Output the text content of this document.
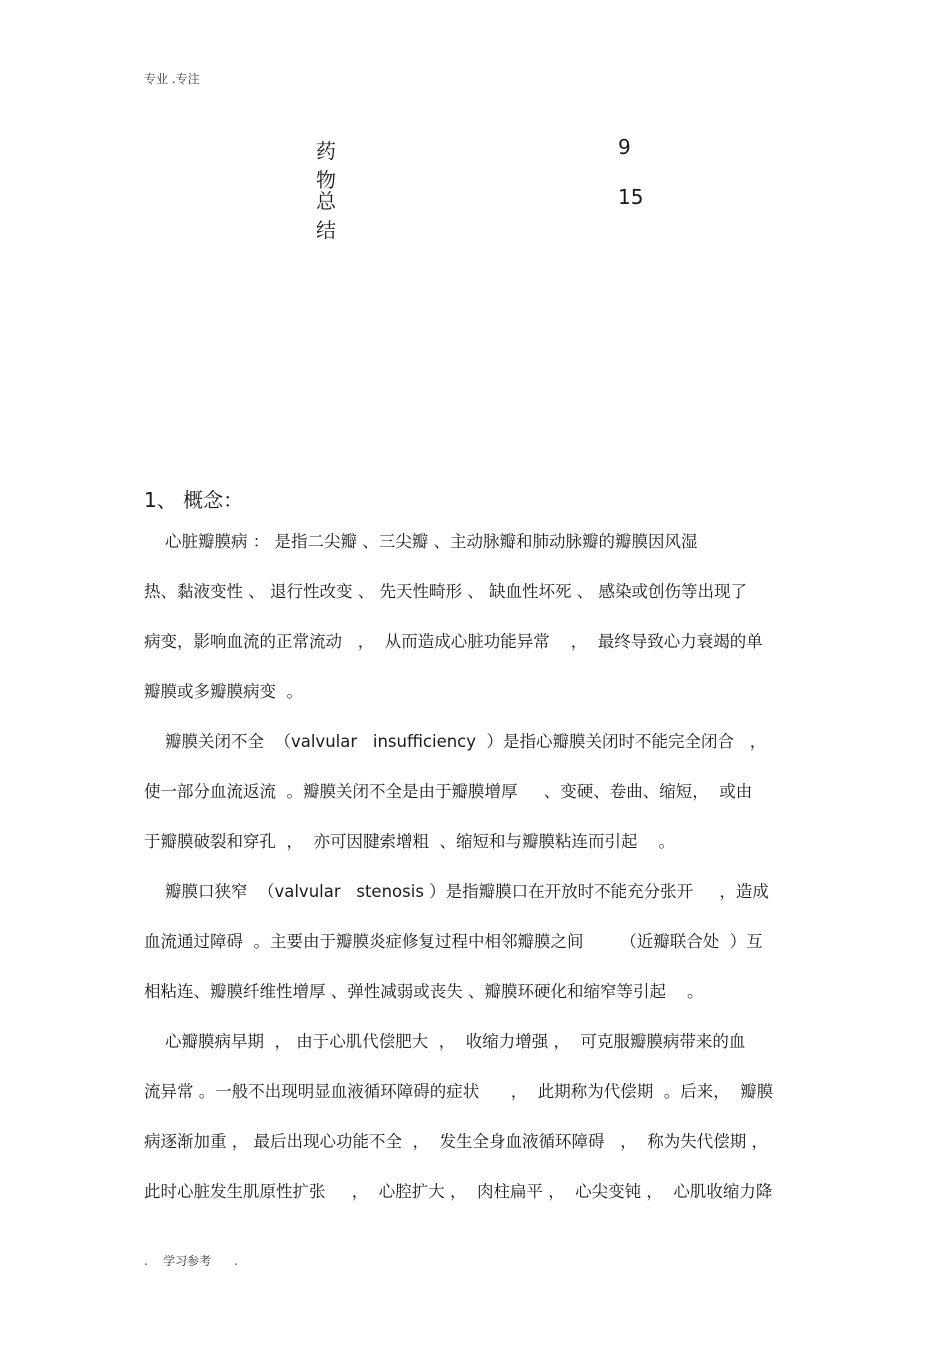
专业 .专注
药物
9
总结
15
1、 概念：
心脏瓣膜病 ： 是指二尖瓣 、三尖瓣 、主动脉瓣和肺动脉瓣的瓣膜因风湿
热、黏液变性 、 退行性改变 、 先天性畸形 、 缺血性坏死 、 感染或创伤等出现了
病变，影响血流的正常流动   ，  从而造成心脏功能异常    ，  最终导致心力衰竭的单
瓣膜或多瓣膜病变  。
瓣膜关闭不全  （valvular   insufficiency  ）是指心瓣膜关闭时不能完全闭合   ，
使一部分血流返流  。瓣膜关闭不全是由于瓣膜增厚     、变硬、卷曲、缩短，  或由
于瓣膜破裂和穿孔  ，  亦可因腱索增粗  、缩短和与瓣膜粘连而引起    。
瓣膜口狭窄  （valvular   stenosis ）是指瓣膜口在开放时不能充分张开     ，造成
血流通过障碍  。主要由于瓣膜炎症修复过程中相邻瓣膜之间       （近瓣联合处  ）互
相粘连、瓣膜纤维性增厚 、弹性减弱或丧失 、瓣膜环硬化和缩窄等引起    。
心瓣膜病早期  ， 由于心肌代偿肥大  ，  收缩力增强 ，  可克服瓣膜病带来的血
流异常 。一般不出现明显血液循环障碍的症状      ，  此期称为代偿期  。后来，  瓣膜
病逐渐加重 ， 最后出现心功能不全  ，  发生全身血液循环障碍   ，  称为失代偿期 ，
此时心脏发生肌原性扩张     ，  心腔扩大 ，  肉柱扁平 ，  心尖变钝 ，  心肌收缩力降
.    学习参考      .
